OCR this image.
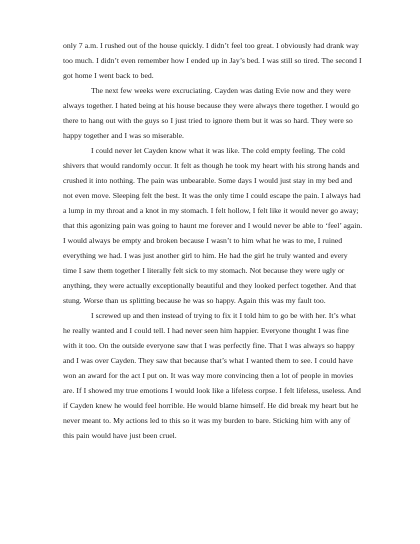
only 7 a.m. I rushed out of the house quickly. I didn’t feel too great. I obviously had drank way too much. I didn’t even remember how I ended up in Jay’s bed. I was still so tired. The second I got home I went back to bed.

The next few weeks were excruciating. Cayden was dating Evie now and they were always together. I hated being at his house because they were always there together. I would go there to hang out with the guys so I just tried to ignore them but it was so hard. They were so happy together and I was so miserable.

I could never let Cayden know what it was like. The cold empty feeling. The cold shivers that would randomly occur. It felt as though he took my heart with his strong hands and crushed it into nothing. The pain was unbearable. Some days I would just stay in my bed and not even move. Sleeping felt the best. It was the only time I could escape the pain. I always had a lump in my throat and a knot in my stomach. I felt hollow, I felt like it would never go away; that this agonizing pain was going to haunt me forever and I would never be able to ‘feel’ again. I would always be empty and broken because I wasn’t to him what he was to me, I ruined everything we had. I was just another girl to him. He had the girl he truly wanted and every time I saw them together I literally felt sick to my stomach. Not because they were ugly or anything, they were actually exceptionally beautiful and they looked perfect together. And that stung. Worse than us splitting because he was so happy. Again this was my fault too.

I screwed up and then instead of trying to fix it I told him to go be with her. It’s what he really wanted and I could tell. I had never seen him happier. Everyone thought I was fine with it too. On the outside everyone saw that I was perfectly fine. That I was always so happy and I was over Cayden. They saw that because that’s what I wanted them to see. I could have won an award for the act I put on. It was way more convincing then a lot of people in movies are. If I showed my true emotions I would look like a lifeless corpse. I felt lifeless, useless. And if Cayden knew he would feel horrible. He would blame himself. He did break my heart but he never meant to. My actions led to this so it was my burden to bare. Sticking him with any of this pain would have just been cruel.
